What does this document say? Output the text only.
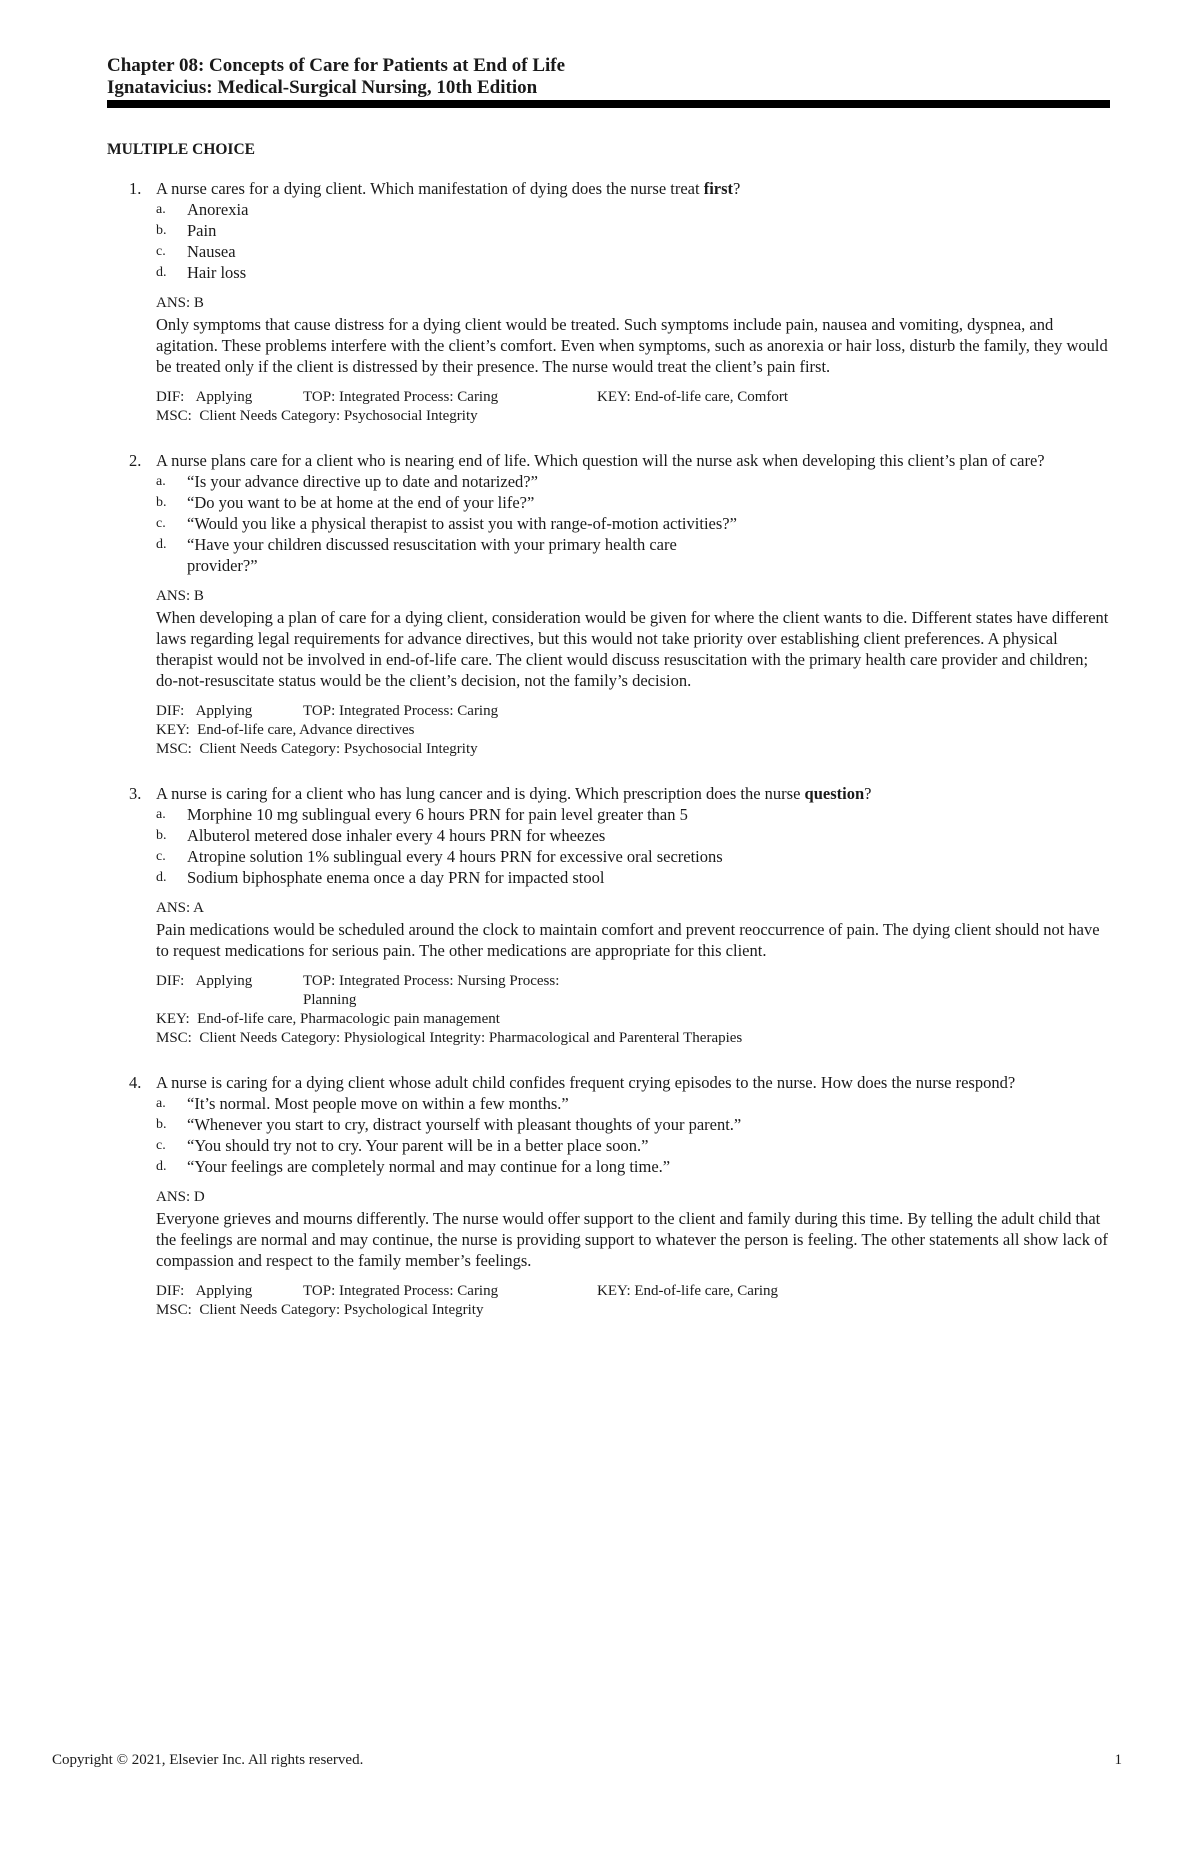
Chapter 08: Concepts of Care for Patients at End of Life
Ignatavicius: Medical-Surgical Nursing, 10th Edition
MULTIPLE CHOICE
1. A nurse cares for a dying client. Which manifestation of dying does the nurse treat first?
a. Anorexia
b. Pain
c. Nausea
d. Hair loss
ANS: B
Only symptoms that cause distress for a dying client would be treated. Such symptoms include pain, nausea and vomiting, dyspnea, and agitation. These problems interfere with the client’s comfort. Even when symptoms, such as anorexia or hair loss, disturb the family, they would be treated only if the client is distressed by their presence. The nurse would treat the client’s pain first.
DIF: Applying	TOP: Integrated Process: Caring	KEY: End-of-life care, Comfort
MSC:
Client Needs Category: Psychosocial Integrity
2. A nurse plans care for a client who is nearing end of life. Which question will the nurse ask when developing this client’s plan of care?
a. “Is your advance directive up to date and notarized?”
b. “Do you want to be at home at the end of your life?”
c. “Would you like a physical therapist to assist you with range-of-motion activities?”
d. “Have your children discussed resuscitation with your primary health care provider?”
ANS: B
When developing a plan of care for a dying client, consideration would be given for where the client wants to die. Different states have different laws regarding legal requirements for advance directives, but this would not take priority over establishing client preferences. A physical therapist would not be involved in end-of-life care. The client would discuss resuscitation with the primary health care provider and children; do-not-resuscitate status would be the client’s decision, not the family’s decision.
DIF: Applying	TOP: Integrated Process: Caring
KEY:
End-of-life care, Advance directives
MSC:
Client Needs Category: Psychosocial Integrity
3. A nurse is caring for a client who has lung cancer and is dying. Which prescription does the nurse question?
a. Morphine 10 mg sublingual every 6 hours PRN for pain level greater than 5
b. Albuterol metered dose inhaler every 4 hours PRN for wheezes
c. Atropine solution 1% sublingual every 4 hours PRN for excessive oral secretions
d. Sodium biphosphate enema once a day PRN for impacted stool
ANS: A
Pain medications would be scheduled around the clock to maintain comfort and prevent reoccurrence of pain. The dying client should not have to request medications for serious pain. The other medications are appropriate for this client.
DIF: Applying	TOP: Integrated Process: Nursing Process: Planning
KEY:
End-of-life care, Pharmacologic pain management
MSC:
Client Needs Category: Physiological Integrity: Pharmacological and Parenteral Therapies
4. A nurse is caring for a dying client whose adult child confides frequent crying episodes to the nurse. How does the nurse respond?
a. “It’s normal. Most people move on within a few months.”
b. “Whenever you start to cry, distract yourself with pleasant thoughts of your parent.”
c. “You should try not to cry. Your parent will be in a better place soon.”
d. “Your feelings are completely normal and may continue for a long time.”
ANS: D
Everyone grieves and mourns differently. The nurse would offer support to the client and family during this time. By telling the adult child that the feelings are normal and may continue, the nurse is providing support to whatever the person is feeling. The other statements all show lack of compassion and respect to the family member’s feelings.
DIF: Applying	TOP: Integrated Process: Caring	KEY: End-of-life care, Caring
MSC:
Client Needs Category: Psychological Integrity
Copyright © 2021, Elsevier Inc. All rights reserved.	1
